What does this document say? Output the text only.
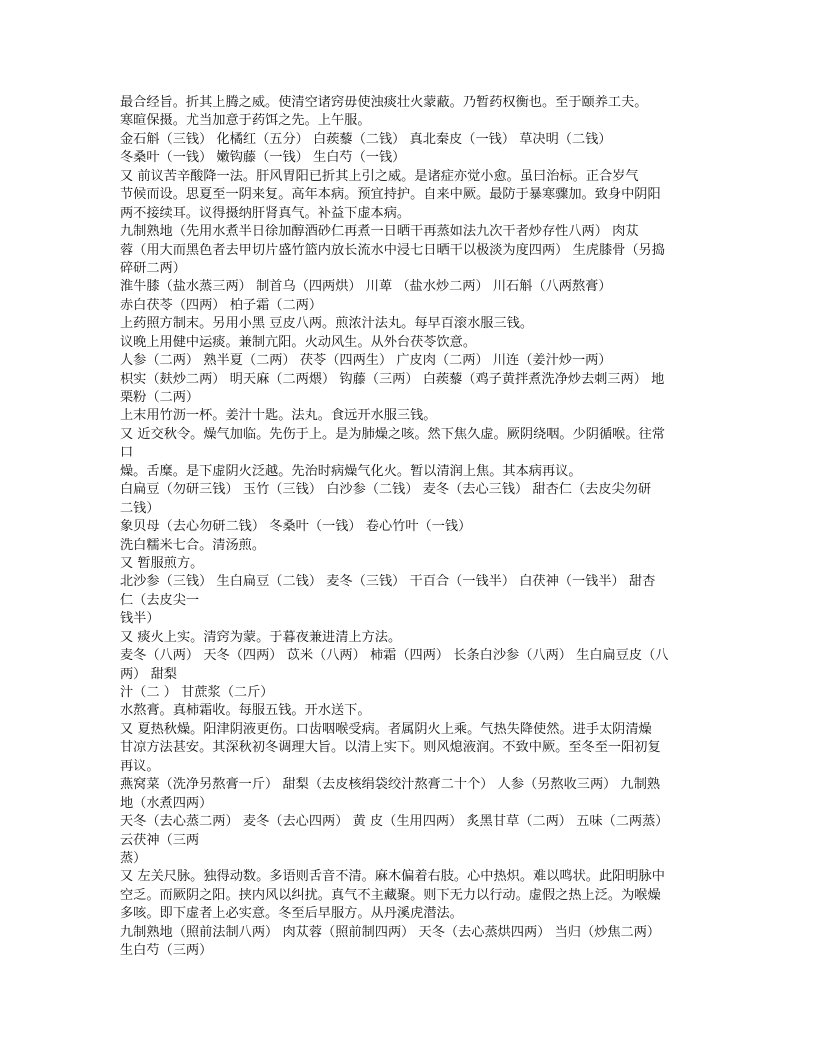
最合经旨。折其上腾之威。使清空诸窍毋使浊痰壮火蒙蔽。乃暂药权衡也。至于颐养工夫。
寒暄保摄。尤当加意于药饵之先。上午服。
金石斛（三钱） 化橘红（五分） 白蒺藜（二钱） 真北秦皮（一钱） 草决明（二钱）
冬桑叶（一钱） 嫩钩藤（一钱） 生白芍（一钱）
又 前议苦辛酸降一法。肝风胃阳已折其上引之威。是诸症亦觉小愈。虽曰治标。正合岁气
节候而设。思夏至一阴来复。高年本病。预宜持护。自来中厥。最防于暴寒骤加。致身中阴阳
两不接续耳。议得摄纳肝肾真气。补益下虚本病。
九制熟地（先用水煮半日徐加醇酒砂仁再煮一日晒干再蒸如法九次干者炒存性八两） 肉苁
蓉（用大而黑色者去甲切片盛竹篮内放长流水中浸七日晒干以极淡为度四两） 生虎膝骨（另捣
碎研二两）
淮牛膝（盐水蒸三两） 制首乌（四两烘） 川萆 （盐水炒二两） 川石斛（八两熬膏）
赤白茯苓（四两） 柏子霜（二两）
上药照方制末。另用小黑 豆皮八两。煎浓汁法丸。每早百滚水服三钱。
议晚上用健中运痰。兼制亢阳。火动风生。从外台茯苓饮意。
人参（二两） 熟半夏（二两） 茯苓（四两生） 广皮肉（二两） 川连（姜汁炒一两）
枳实（麸炒二两） 明天麻（二两煨） 钩藤（三两） 白蒺藜（鸡子黄拌煮洗净炒去刺三两） 地
栗粉（二两）
上末用竹沥一杯。姜汁十匙。法丸。食远开水服三钱。
又 近交秋令。燥气加临。先伤于上。是为肺燥之咳。然下焦久虚。厥阴绕咽。少阴循喉。往常
口
燥。舌糜。是下虚阴火泛越。先治时病燥气化火。暂以清润上焦。其本病再议。
白扁豆（勿研三钱） 玉竹（三钱） 白沙参（二钱） 麦冬（去心三钱） 甜杏仁（去皮尖勿研
二钱）
象贝母（去心勿研二钱） 冬桑叶（一钱） 卷心竹叶（一钱）
洗白糯米七合。清汤煎。
又 暂服煎方。
北沙参（三钱） 生白扁豆（二钱） 麦冬（三钱） 干百合（一钱半） 白茯神（一钱半） 甜杏
仁（去皮尖一
钱半）
又 痰火上实。清窍为蒙。于暮夜兼进清上方法。
麦冬（八两） 天冬（四两） 苡米（八两） 柿霜（四两） 长条白沙参（八两） 生白扁豆皮（八
两） 甜梨
汁（二 ） 甘蔗浆（二斤）
水熬膏。真柿霜收。每服五钱。开水送下。
又 夏热秋燥。阳津阴液更伤。口齿咽喉受病。者属阴火上乘。气热失降使然。进手太阴清燥
甘凉方法甚安。其深秋初冬调理大旨。以清上实下。则风熄液润。不致中厥。至冬至一阳初复
再议。
燕窝菜（洗净另熬膏一斤） 甜梨（去皮核绢袋绞汁熬膏二十个） 人参（另熬收三两） 九制熟
地（水煮四两）
天冬（去心蒸二两） 麦冬（去心四两） 黄 皮（生用四两） 炙黑甘草（二两） 五味（二两蒸）
云茯神（三两
蒸）
又 左关尺脉。独得动数。多语则舌音不清。麻木偏着右肢。心中热炽。难以鸣状。此阳明脉中
空乏。而厥阴之阳。挟内风以纠扰。真气不主藏聚。则下无力以行动。虚假之热上泛。为喉燥
多咳。即下虚者上必实意。冬至后早服方。从丹溪虎潜法。
九制熟地（照前法制八两） 肉苁蓉（照前制四两） 天冬（去心蒸烘四两） 当归（炒焦二两）
生白芍（三两）
